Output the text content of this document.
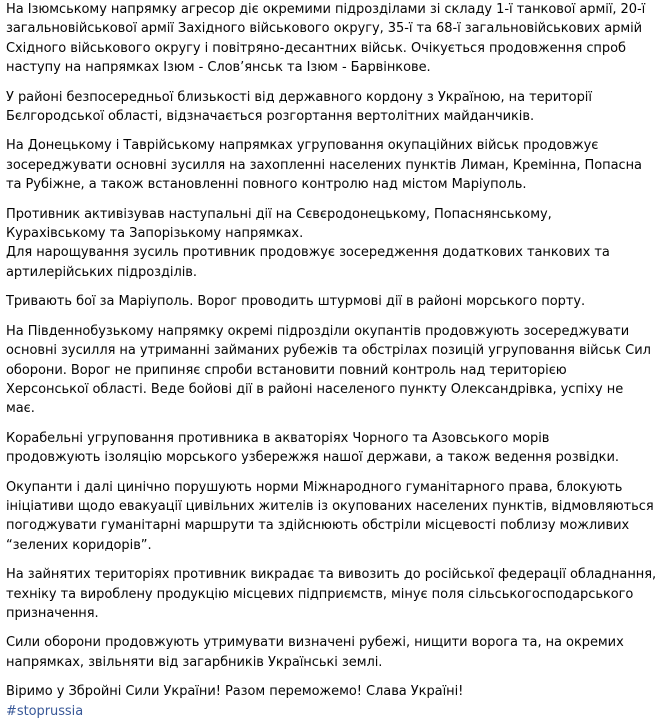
На Ізюмському напрямку агресор діє окремими підрозділами зі складу 1-ї танкової армії, 20-ї
загальновійськової армії Західного військового округу, 35-ї та 68-ї загальновійськових армій
Східного військового округу і повітряно-десантних військ. Очікується продовження спроб
наступу на напрямках Ізюм - Слов’янськ та Ізюм - Барвінкове.

У районі безпосередньої близькості від державного кордону з Україною, на території
Бєлгородської області, відзначається розгортання вертолітних майданчиків.

На Донецькому і Таврійському напрямках угруповання окупаційних військ продовжує
зосереджувати основні зусилля на захопленні населених пунктів Лиман, Кремінна, Попасна
та Рубіжне, а також встановленні повного контролю над містом Маріуполь.

Противник активізував наступальні дії на Сєвєродонецькому, Попаснянському,
Курахівському та Запорізькому напрямках.
Для нарощування зусиль противник продовжує зосередження додаткових танкових та
артилерійських підрозділів.

Тривають бої за Маріуполь. Ворог проводить штурмові дії в районі морського порту.

На Південнобузькому напрямку окремі підрозділи окупантів продовжують зосереджувати
основні зусилля на утриманні займаних рубежів та обстрілах позицій угруповання військ Сил
оборони. Ворог не припиняє спроби встановити повний контроль над територією
Херсонської області. Веде бойові дії в районі населеного пункту Олександрівка, успіху не
має.

Корабельні угруповання противника в акваторіях Чорного та Азовського морів
продовжують ізоляцію морського узбережжя нашої держави, а також ведення розвідки.

Окупанти і далі цинічно порушують норми Міжнародного гуманітарного права, блокують
ініціативи щодо евакуації цивільних жителів із окупованих населених пунктів, відмовляються
погоджувати гуманітарні маршрути та здійснюють обстріли місцевості поблизу можливих
“зелених коридорів”.

На зайнятих територіях противник викрадає та вивозить до російської федерації обладнання,
техніку та вироблену продукцію місцевих підприємств, мінує поля сільськогосподарського
призначення.

Сили оборони продовжують утримувати визначені рубежі, нищити ворога та, на окремих
напрямках, звільняти від загарбників Українські землі.

Віримо у Збройні Сили України! Разом переможемо! Слава Україні!
#stoprussia
